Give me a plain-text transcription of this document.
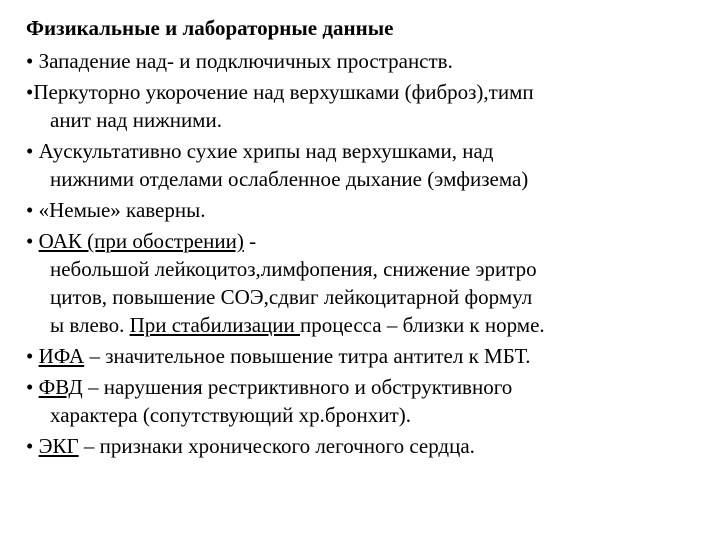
Физикальные и лабораторные данные
• Западение над- и подключичных пространств.
•Перкуторно укорочение над верхушками (фиброз),тимп
анит над нижними.
• Аускультативно сухие хрипы над верхушками, над
нижними отделами ослабленное дыхание (эмфизема)
• «Немые» каверны.
• ОАК (при обострении) -
небольшой лейкоцитоз,лимфопения, снижение эритро
цитов, повышение СОЭ,сдвиг лейкоцитарной формул
ы влево. При стабилизации процесса – близки к норме.
• ИФА – значительное повышение титра антител к МБТ.
• ФВД – нарушения рестриктивного и обструктивного
характера (сопутствующий хр.бронхит).
• ЭКГ – признаки хронического легочного сердца.
